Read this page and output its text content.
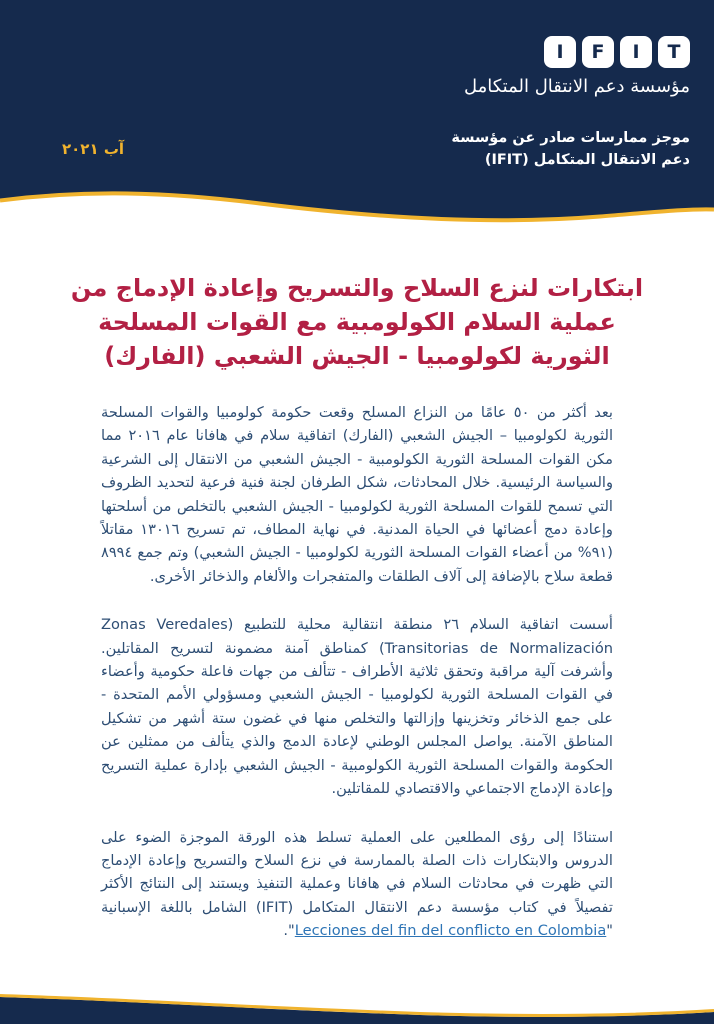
I	F	I	T
مؤسسة دعم الانتقال المتكامل
موجز ممارسات صادر عن مؤسسة
دعم الانتقال المتكامل (IFIT)
آب ٢٠٢١
ابتكارات لنزع السلاح والتسريح وإعادة الإدماج من
عملية السلام الكولومبية مع القوات المسلحة
الثورية لكولومبيا - الجيش الشعبي (الفارك)

بعد أكثر من ٥٠ عامًا من النزاع المسلح وقعت حكومة كولومبيا والقوات المسلحة الثورية لكولومبيا – الجيش الشعبي (الفارك) اتفاقية سلام في هافانا عام ٢٠١٦ مما مكن القوات المسلحة الثورية الكولومبية - الجيش الشعبي من الانتقال إلى الشرعية والسياسة الرئيسية. خلال المحادثات، شكل الطرفان لجنة فنية فرعية لتحديد الظروف التي تسمح للقوات المسلحة الثورية لكولومبيا - الجيش الشعبي بالتخلص من أسلحتها وإعادة دمج أعضائها في الحياة المدنية. في نهاية المطاف، تم تسريح ١٣٠١٦ مقاتلاً (٩١% من أعضاء القوات المسلحة الثورية لكولومبيا - الجيش الشعبي) وتم جمع ٨٩٩٤ قطعة سلاح بالإضافة إلى آلاف الطلقات والمتفجرات والألغام والذخائر الأخرى.

أسست اتفاقية السلام ٢٦ منطقة انتقالية محلية للتطبيع (Zonas Veredales Transitorias de Normalización) كمناطق آمنة مضمونة لتسريح المقاتلين. وأشرفت آلية مراقبة وتحقق ثلاثية الأطراف - تتألف من جهات فاعلة حكومية وأعضاء في القوات المسلحة الثورية لكولومبيا - الجيش الشعبي ومسؤولي الأمم المتحدة - على جمع الذخائر وتخزينها وإزالتها والتخلص منها في غضون ستة أشهر من تشكيل المناطق الآمنة. يواصل المجلس الوطني لإعادة الدمج والذي يتألف من ممثلين عن الحكومة والقوات المسلحة الثورية الكولومبية - الجيش الشعبي بإدارة عملية التسريح وإعادة الإدماج الاجتماعي والاقتصادي للمقاتلين.

استنادًا إلى رؤى المطلعين على العملية تسلط هذه الورقة الموجزة الضوء على الدروس والابتكارات ذات الصلة بالممارسة في نزع السلاح والتسريح وإعادة الإدماج التي ظهرت في محادثات السلام في هافانا وعملية التنفيذ ويستند إلى النتائج الأكثر تفصيلاً في كتاب مؤسسة دعم الانتقال المتكامل (IFIT) الشامل باللغة الإسبانية "Lecciones del fin del conflicto en Colombia".
